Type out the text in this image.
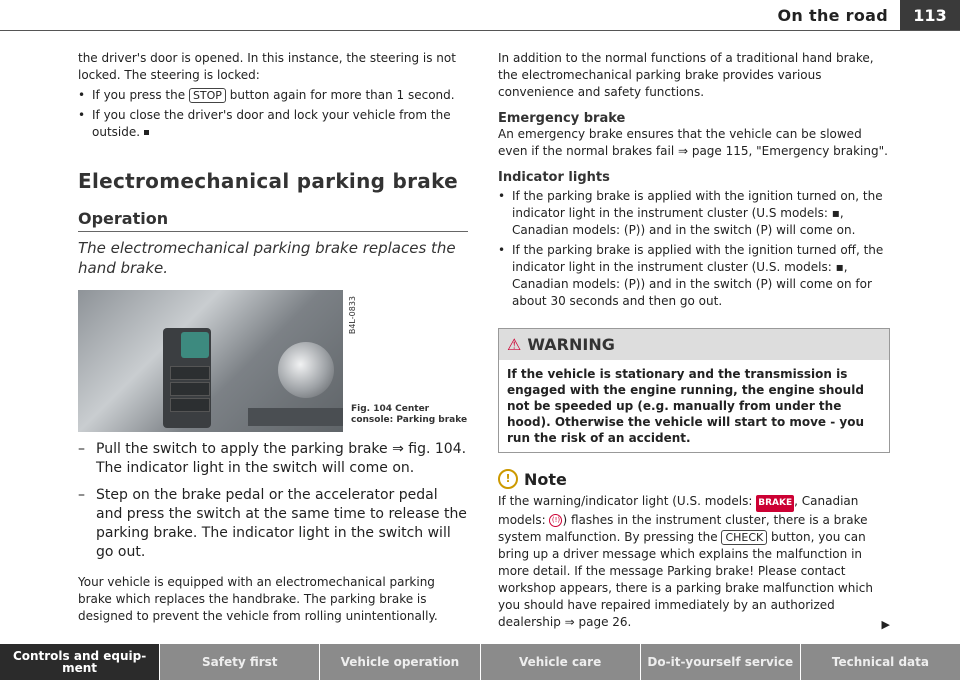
On the road	113

the driver's door is opened. In this instance, the steering is not locked. The steering is locked:

• If you press the STOP button again for more than 1 second.
• If you close the driver's door and lock your vehicle from the outside.
Electromechanical parking brake
Operation
The electromechanical parking brake replaces the hand brake.
B4L-0833
Fig. 104 Center
console: Parking brake
– Pull the switch to apply the parking brake ⇒ fig. 104. The indicator light in the switch will come on.
– Step on the brake pedal or the accelerator pedal and press the switch at the same time to release the parking brake. The indicator light in the switch will go out.

Your vehicle is equipped with an electromechanical parking brake which replaces the handbrake. The parking brake is designed to prevent the vehicle from rolling unintentionally.

In addition to the normal functions of a traditional hand brake, the electromechanical parking brake provides various convenience and safety functions.

Emergency brake

An emergency brake ensures that the vehicle can be slowed even if the normal brakes fail ⇒ page 115, "Emergency braking".

Indicator lights
• If the parking brake is applied with the ignition turned on, the indicator light in the instrument cluster (U.S models: ▪, Canadian models: (P)) and in the switch (P) will come on.
• If the parking brake is applied with the ignition turned off, the indicator light in the instrument cluster (U.S. models: ▪, Canadian models: (P)) and in the switch (P) will come on for about 30 seconds and then go out.
⚠ WARNING
If the vehicle is stationary and the transmission is engaged with the engine running, the engine should not be speeded up (e.g. manually from under the hood). Otherwise the vehicle will start to move - you run the risk of an accident.
! Note

If the warning/indicator light (U.S. models: BRAKE , Canadian models: (!) ) flashes in the instrument cluster, there is a brake system malfunction. By pressing the CHECK button, you can bring up a driver message which explains the malfunction in more detail. If the message Parking brake! Please contact workshop appears, there is a parking brake malfunction which you should have repaired immediately by an authorized dealership ⇒ page 26.	▶
Controls and equip-ment	Safety first	Vehicle operation	Vehicle care	Do-it-yourself service	Technical data
